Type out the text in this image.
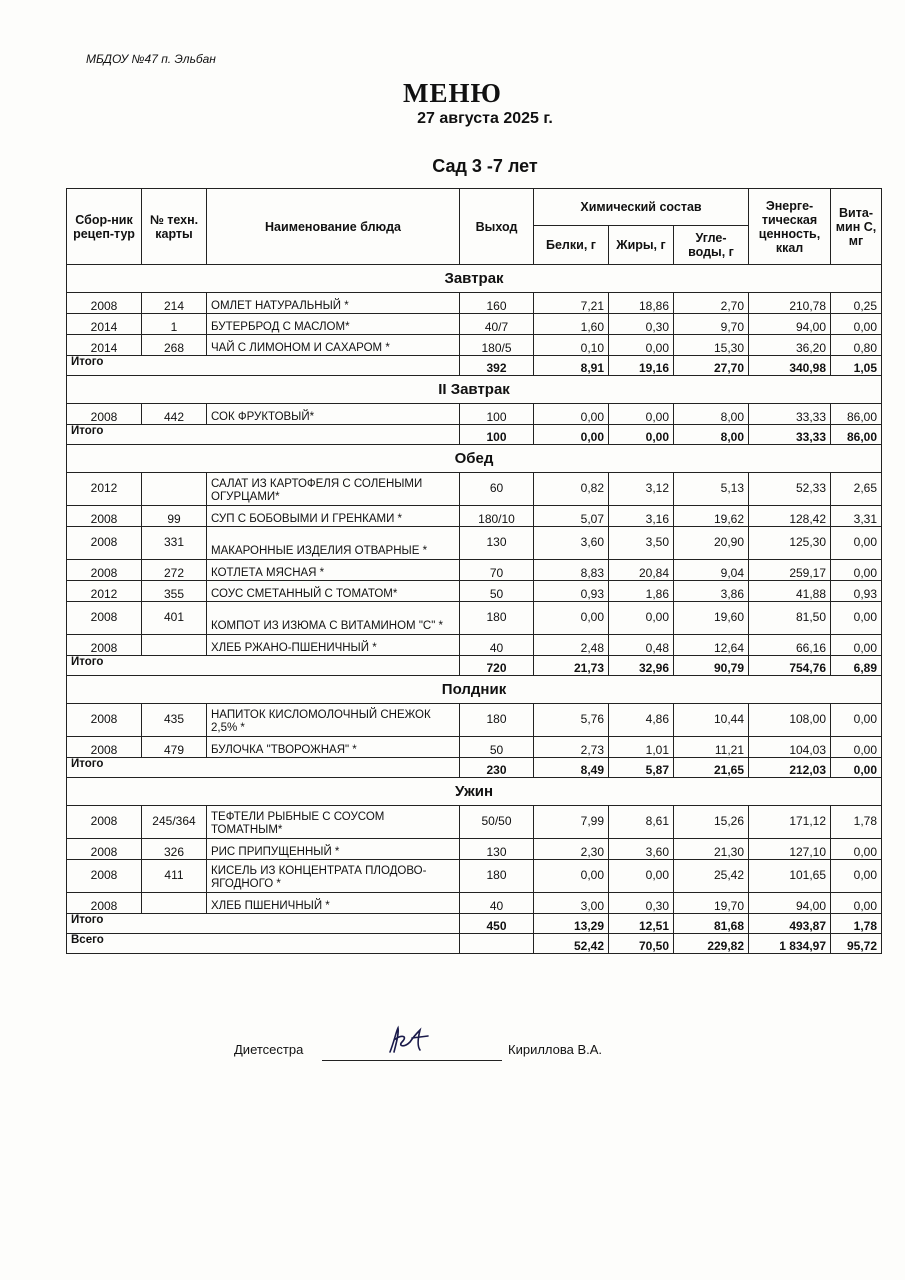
МБДОУ №47 п. Эльбан
МЕНЮ
27 августа 2025 г.
Сад 3 -7 лет
Сбор-ник рецеп-тур	№ техн. карты	Наименование блюда	Выход	Химический состав			Энерге-тическая ценность, ккал	Вита-мин С, мг
				Белки, г	Жиры, г	Угле-воды, г		
Завтрак								
2008	214	ОМЛЕТ НАТУРАЛЬНЫЙ *	160	7,21	18,86	2,70	210,78	0,25
2014	1	БУТЕРБРОД С МАСЛОМ*	40/7	1,60	0,30	9,70	94,00	0,00
2014	268	ЧАЙ С ЛИМОНОМ И САХАРОМ *	180/5	0,10	0,00	15,30	36,20	0,80
Итого			392	8,91	19,16	27,70	340,98	1,05
II Завтрак								
2008	442	СОК ФРУКТОВЫЙ*	100	0,00	0,00	8,00	33,33	86,00
Итого			100	0,00	0,00	8,00	33,33	86,00
Обед								
2012		САЛАТ ИЗ КАРТОФЕЛЯ С СОЛЕНЫМИ ОГУРЦАМИ*	60	0,82	3,12	5,13	52,33	2,65
2008	99	СУП С БОБОВЫМИ И ГРЕНКАМИ *	180/10	5,07	3,16	19,62	128,42	3,31
2008	331	МАКАРОННЫЕ ИЗДЕЛИЯ ОТВАРНЫЕ *	130	3,60	3,50	20,90	125,30	0,00
2008	272	КОТЛЕТА МЯСНАЯ *	70	8,83	20,84	9,04	259,17	0,00
2012	355	СОУС СМЕТАННЫЙ С ТОМАТОМ*	50	0,93	1,86	3,86	41,88	0,93
2008	401	КОМПОТ ИЗ ИЗЮМА С ВИТАМИНОМ "С" *	180	0,00	0,00	19,60	81,50	0,00
2008		ХЛЕБ РЖАНО-ПШЕНИЧНЫЙ *	40	2,48	0,48	12,64	66,16	0,00
Итого			720	21,73	32,96	90,79	754,76	6,89
Полдник								
2008	435	НАПИТОК КИСЛОМОЛОЧНЫЙ СНЕЖОК 2,5% *	180	5,76	4,86	10,44	108,00	0,00
2008	479	БУЛОЧКА "ТВОРОЖНАЯ" *	50	2,73	1,01	11,21	104,03	0,00
Итого			230	8,49	5,87	21,65	212,03	0,00
Ужин								
2008	245/364	ТЕФТЕЛИ РЫБНЫЕ С СОУСОМ ТОМАТНЫМ*	50/50	7,99	8,61	15,26	171,12	1,78
2008	326	РИС ПРИПУЩЕННЫЙ *	130	2,30	3,60	21,30	127,10	0,00
2008	411	КИСЕЛЬ ИЗ КОНЦЕНТРАТА ПЛОДОВО-ЯГОДНОГО *	180	0,00	0,00	25,42	101,65	0,00
2008		ХЛЕБ ПШЕНИЧНЫЙ *	40	3,00	0,30	19,70	94,00	0,00
Итого			450	13,29	12,51	81,68	493,87	1,78
Всего				52,42	70,50	229,82	1 834,97	95,72
Диетсестра	Кириллова В.А.
